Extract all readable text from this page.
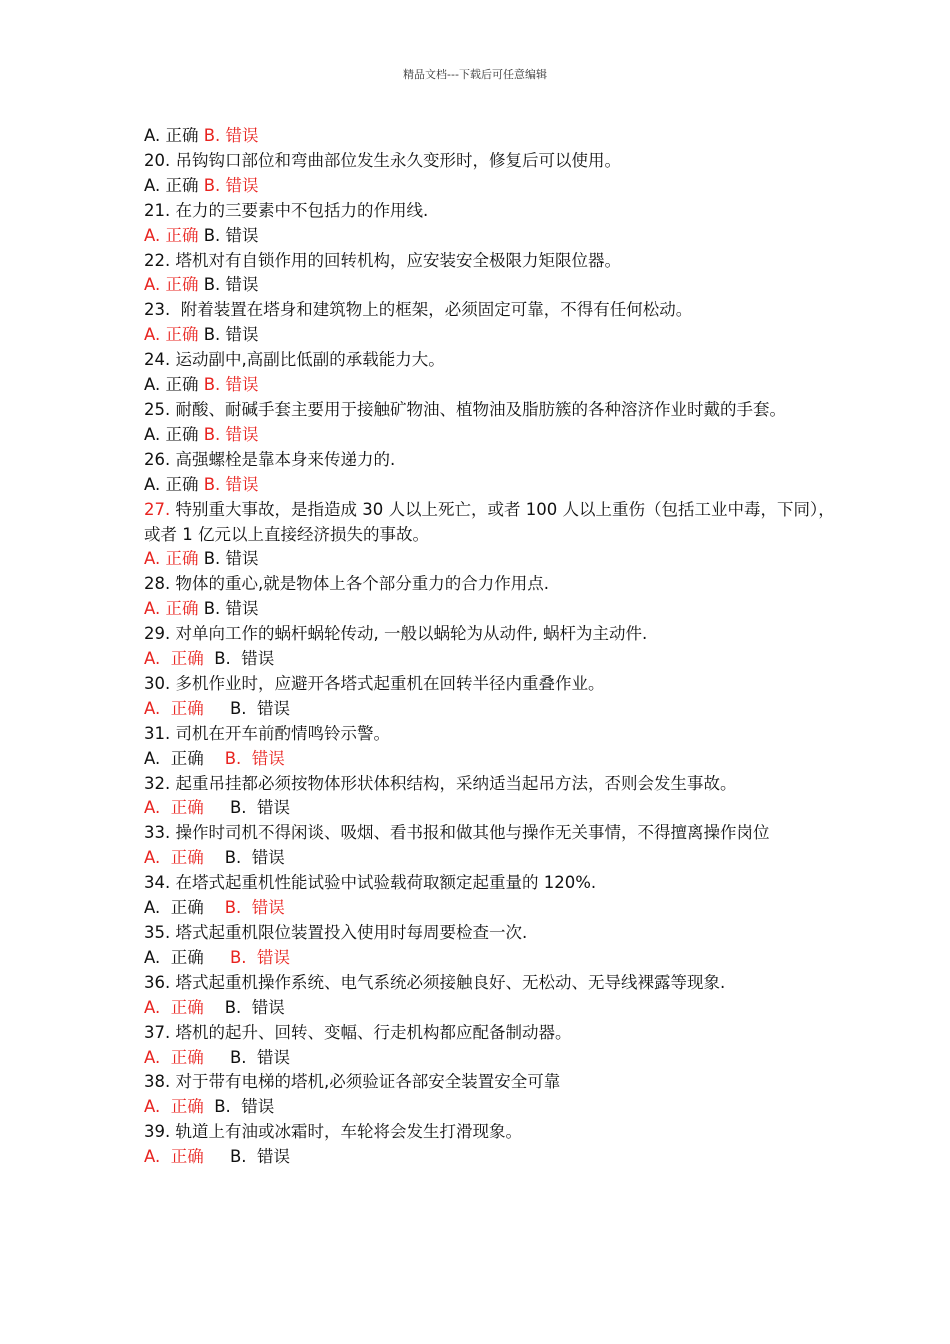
精品文档---下载后可任意编辑
A. 正确 B. 错误
20. 吊钩钩口部位和弯曲部位发生永久变形时，修复后可以使用。
A. 正确 B. 错误
21. 在力的三要素中不包括力的作用线.
A. 正确 B. 错误
22. 塔机对有自锁作用的回转机构，应安装安全极限力矩限位器。
A. 正确 B. 错误
23.  附着装置在塔身和建筑物上的框架，必须固定可靠，不得有任何松动。
A. 正确 B. 错误
24. 运动副中,高副比低副的承载能力大。
A. 正确 B. 错误
25. 耐酸、耐碱手套主要用于接触矿物油、植物油及脂肪簇的各种溶济作业时戴的手套。
A. 正确 B. 错误
26. 高强螺栓是靠本身来传递力的.
A. 正确 B. 错误
27. 特别重大事故，是指造成 30 人以上死亡，或者 100 人以上重伤（包括工业中毒，下同），或者 1 亿元以上直接经济损失的事故。
A. 正确 B. 错误
28. 物体的重心,就是物体上各个部分重力的合力作用点.
A. 正确 B. 错误
29. 对单向工作的蜗杆蜗轮传动, 一般以蜗轮为从动件, 蜗杆为主动件.
A.  正确  B.  错误
30. 多机作业时，应避开各塔式起重机在回转半径内重叠作业。
A.  正确     B.  错误
31. 司机在开车前酌情鸣铃示警。
A.  正确    B.  错误
32. 起重吊挂都必须按物体形状体积结构，采纳适当起吊方法，否则会发生事故。
A.  正确     B.  错误
33. 操作时司机不得闲谈、吸烟、看书报和做其他与操作无关事情，不得擅离操作岗位
A.  正确    B.  错误
34. 在塔式起重机性能试验中试验载荷取额定起重量的 120%.
A.  正确    B.  错误
35. 塔式起重机限位装置投入使用时每周要检查一次.
A.  正确     B.  错误
36. 塔式起重机操作系统、电气系统必须接触良好、无松动、无导线裸露等现象.
A.  正确    B.  错误
37. 塔机的起升、回转、变幅、行走机构都应配备制动器。
A.  正确     B.  错误
38. 对于带有电梯的塔机,必须验证各部安全装置安全可靠
A.  正确  B.  错误
39. 轨道上有油或冰霜时，车轮将会发生打滑现象。
A.  正确     B.  错误
